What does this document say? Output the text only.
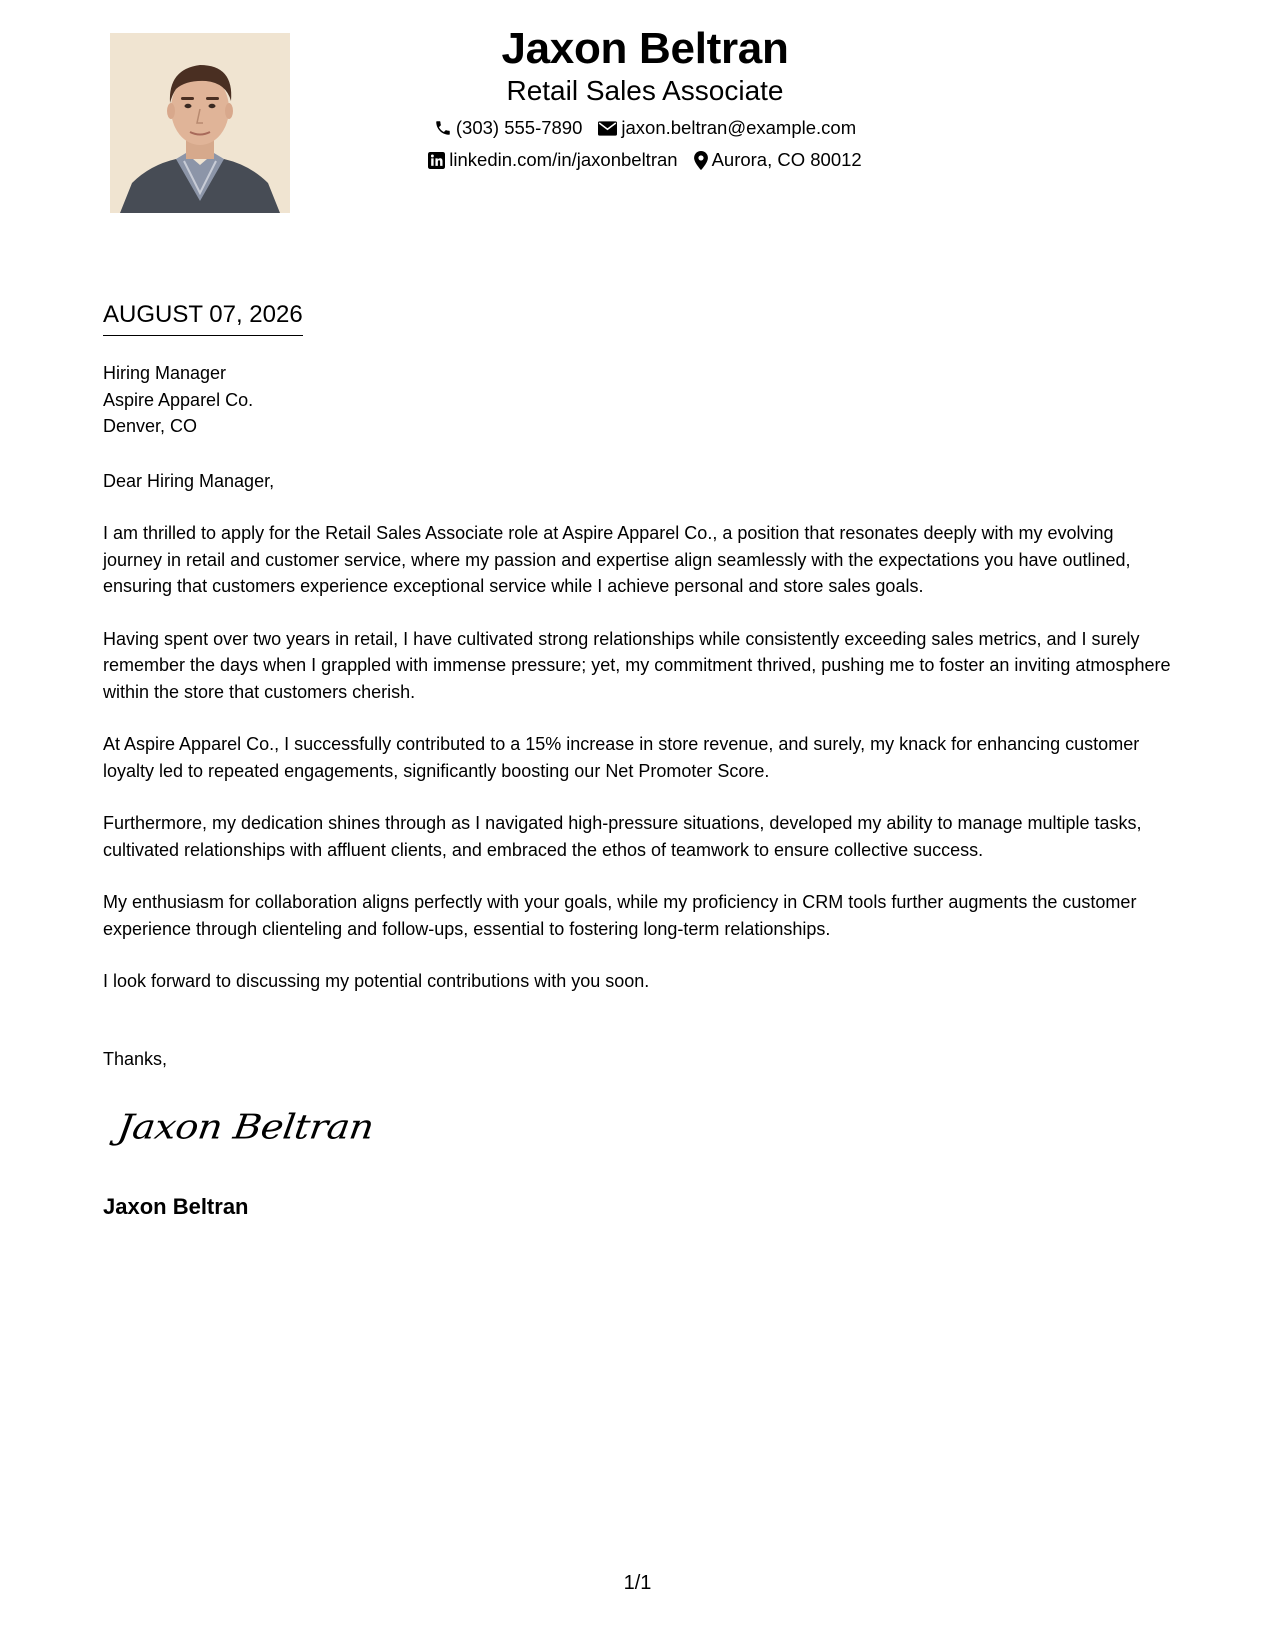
Jaxon Beltran
Retail Sales Associate
(303) 555-7890 jaxon.beltran@example.com
linkedin.com/in/jaxonbeltran Aurora, CO 80012
AUGUST 07, 2026
Hiring Manager
Aspire Apparel Co.
Denver, CO
Dear Hiring Manager,

I am thrilled to apply for the Retail Sales Associate role at Aspire Apparel Co., a position that resonates deeply with my evolving journey in retail and customer service, where my passion and expertise align seamlessly with the expectations you have outlined, ensuring that customers experience exceptional service while I achieve personal and store sales goals.

Having spent over two years in retail, I have cultivated strong relationships while consistently exceeding sales metrics, and I surely remember the days when I grappled with immense pressure; yet, my commitment thrived, pushing me to foster an inviting atmosphere within the store that customers cherish.

At Aspire Apparel Co., I successfully contributed to a 15% increase in store revenue, and surely, my knack for enhancing customer loyalty led to repeated engagements, significantly boosting our Net Promoter Score.

Furthermore, my dedication shines through as I navigated high-pressure situations, developed my ability to manage multiple tasks, cultivated relationships with affluent clients, and embraced the ethos of teamwork to ensure collective success.

My enthusiasm for collaboration aligns perfectly with your goals, while my proficiency in CRM tools further augments the customer experience through clienteling and follow-ups, essential to fostering long-term relationships.

I look forward to discussing my potential contributions with you soon.

Thanks,
Jaxon Beltran
Jaxon Beltran
1/1
